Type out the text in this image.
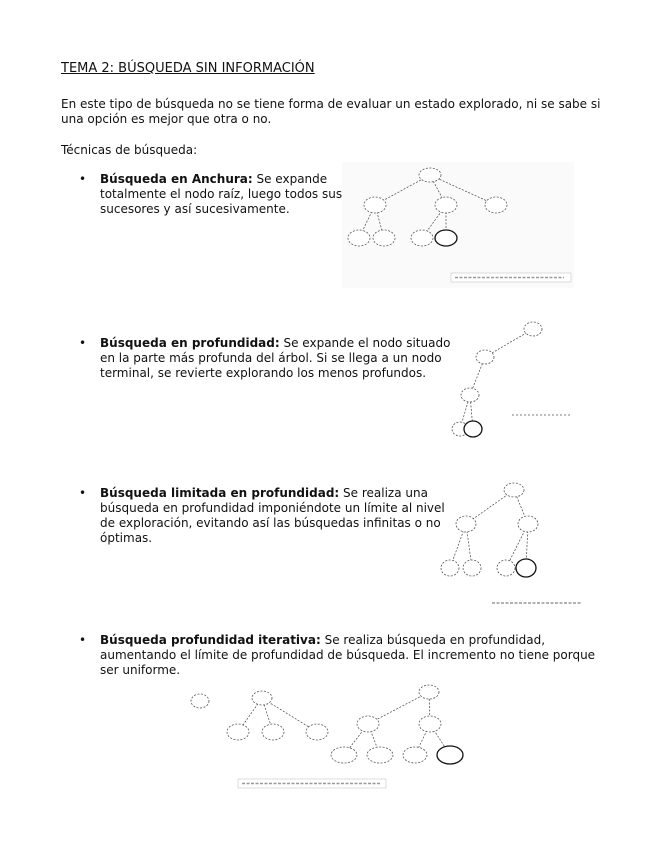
TEMA 2: BÚSQUEDA SIN INFORMACIÓN
En este tipo de búsqueda no se tiene forma de evaluar un estado explorado, ni se sabe si
una opción es mejor que otra o no.
Técnicas de búsqueda:
• Búsqueda en Anchura: Se expande
totalmente el nodo raíz, luego todos sus
sucesores y así sucesivamente.
• Búsqueda en profundidad: Se expande el nodo situado
en la parte más profunda del árbol. Si se llega a un nodo
terminal, se revierte explorando los menos profundos.
• Búsqueda limitada en profundidad: Se realiza una
búsqueda en profundidad imponiéndote un límite al nivel
de exploración, evitando así las búsquedas infinitas o no
óptimas.
• Búsqueda profundidad iterativa: Se realiza búsqueda en profundidad,
aumentando el límite de profundidad de búsqueda. El incremento no tiene porque
ser uniforme.
